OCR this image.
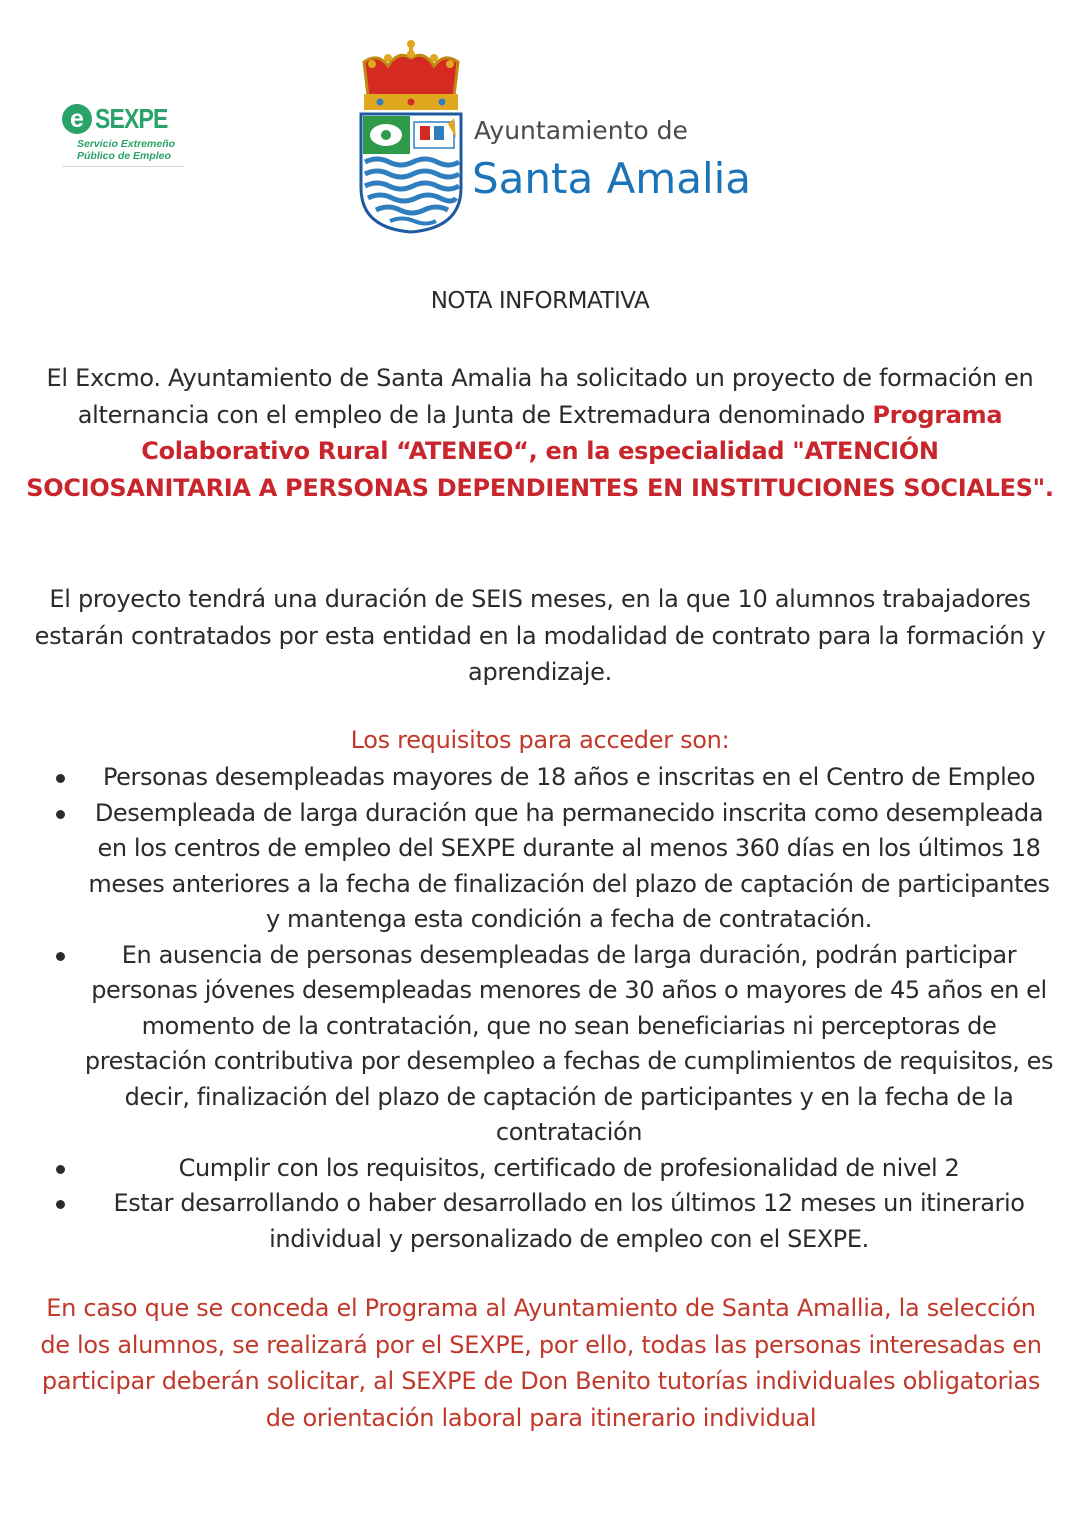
e SEXPE
Servicio Extremeño
Público de Empleo
Ayuntamiento de
Santa Amalia
NOTA INFORMATIVA
El Excmo. Ayuntamiento de Santa Amalia ha solicitado un proyecto de formación en alternancia con el empleo de la Junta de Extremadura denominado Programa Colaborativo Rural “ATENEO“, en la especialidad "ATENCIÓN SOCIOSANITARIA A PERSONAS DEPENDIENTES EN INSTITUCIONES SOCIALES".
El proyecto tendrá una duración de SEIS meses, en la que 10 alumnos trabajadores estarán contratados por esta entidad en la modalidad de contrato para la formación y aprendizaje.
Los requisitos para acceder son:
Personas desempleadas mayores de 18 años e inscritas en el Centro de Empleo
Desempleada de larga duración que ha permanecido inscrita como desempleada en los centros de empleo del SEXPE durante al menos 360 días en los últimos 18 meses anteriores a la fecha de finalización del plazo de captación de participantes y mantenga esta condición a fecha de contratación.
En ausencia de personas desempleadas de larga duración, podrán participar personas jóvenes desempleadas menores de 30 años o mayores de 45 años en el momento de la contratación, que no sean beneficiarias ni perceptoras de prestación contributiva por desempleo a fechas de cumplimientos de requisitos, es decir, finalización del plazo de captación de participantes y en la fecha de la contratación
Cumplir con los requisitos, certificado de profesionalidad de nivel 2
Estar desarrollando o haber desarrollado en los últimos 12 meses un itinerario individual y personalizado de empleo con el SEXPE.
En caso que se conceda el Programa al Ayuntamiento de Santa Amallia, la selección de los alumnos, se realizará por el SEXPE, por ello, todas las personas interesadas en participar deberán solicitar, al SEXPE de Don Benito tutorías individuales obligatorias de orientación laboral para itinerario individual
